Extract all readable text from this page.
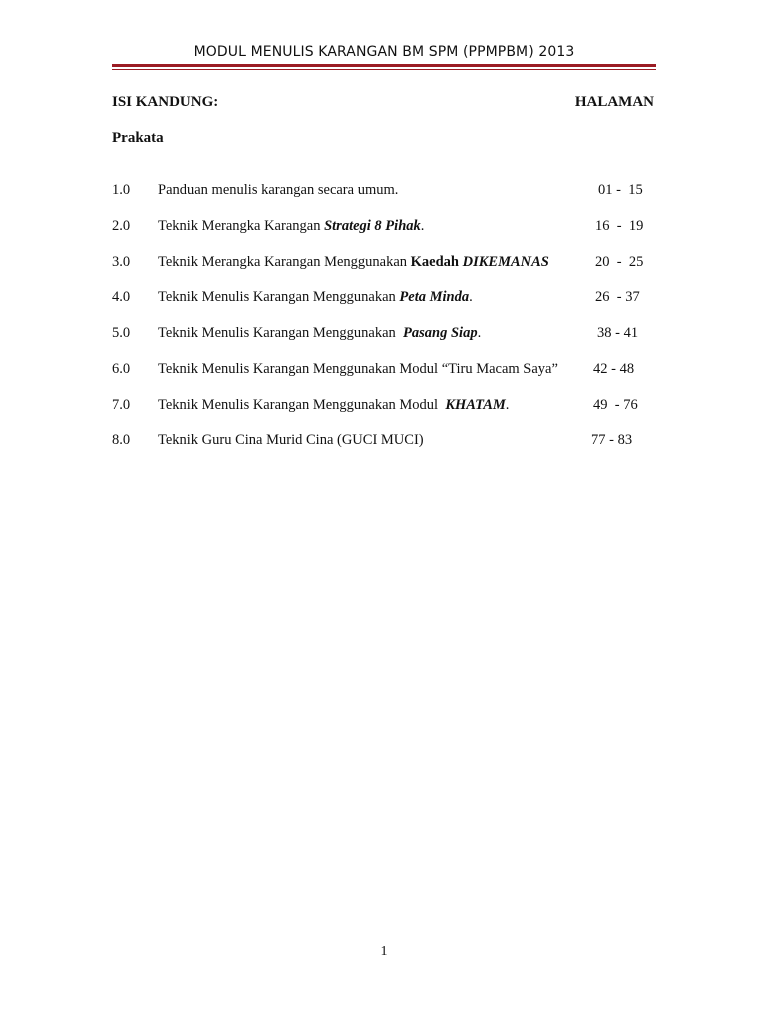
MODUL MENULIS KARANGAN BM SPM (PPMPBM) 2013
ISI KANDUNG:	HALAMAN
Prakata
1.0 Panduan menulis karangan secara umum.	01 -  15
2.0 Teknik Merangka Karangan Strategi 8 Pihak.	16  -  19
3.0 Teknik Merangka Karangan Menggunakan Kaedah DIKEMANAS	20  -  25
4.0 Teknik Menulis Karangan Menggunakan Peta Minda.	26  - 37
5.0 Teknik Menulis Karangan Menggunakan  Pasang Siap.	38 - 41
6.0 Teknik Menulis Karangan Menggunakan Modul “Tiru Macam Saya” 42 - 48
7.0 Teknik Menulis Karangan Menggunakan Modul  KHATAM.	49  - 76
8.0 Teknik Guru Cina Murid Cina (GUCI MUCI)	77 - 83
1
